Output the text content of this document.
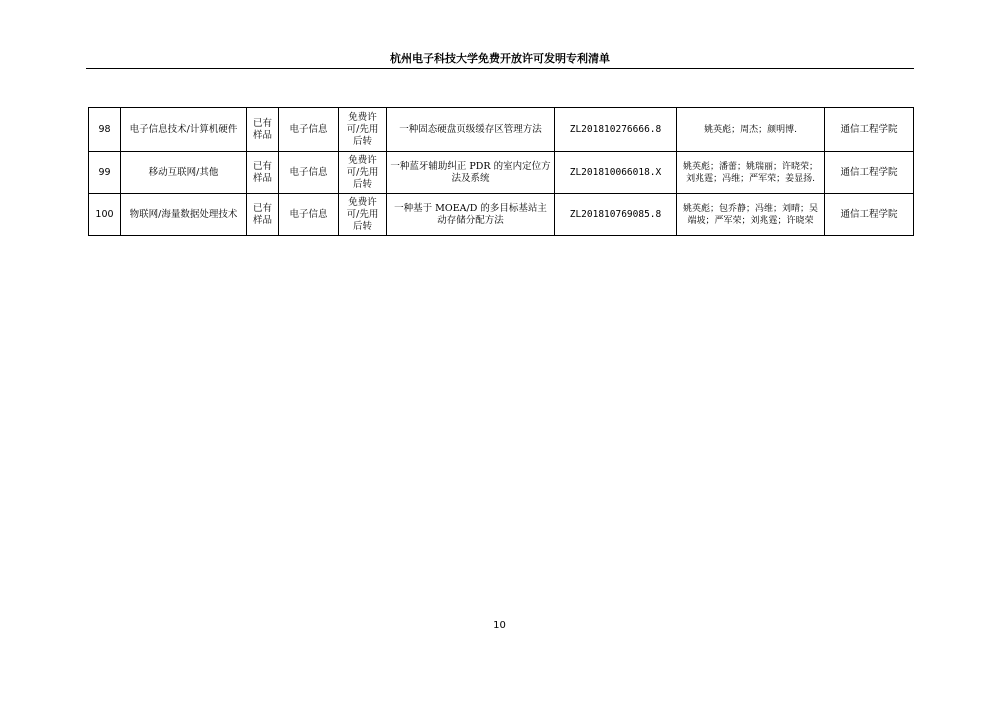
杭州电子科技大学免费开放许可发明专利清单
98	电子信息技术/计算机硬件	已有样品	电子信息	免费许可/先用后转	一种固态硬盘页级缓存区管理方法	ZL201810276666.8	姚英彪；周杰；颜明博.	通信工程学院
99	移动互联网/其他	已有样品	电子信息	免费许可/先用后转	一种蓝牙辅助纠正 PDR 的室内定位方法及系统	ZL201810066018.X	姚英彪；潘蕾；姚瑞丽；许晓荣；刘兆霆；冯维；严军荣；姜显扬.	通信工程学院
100	物联网/海量数据处理技术	已有样品	电子信息	免费许可/先用后转	一种基于 MOEA/D 的多目标基站主动存储分配方法	ZL201810769085.8	姚英彪；包乔静；冯维；刘晴；吴端坡；严军荣；刘兆霆；许晓荣	通信工程学院
10
